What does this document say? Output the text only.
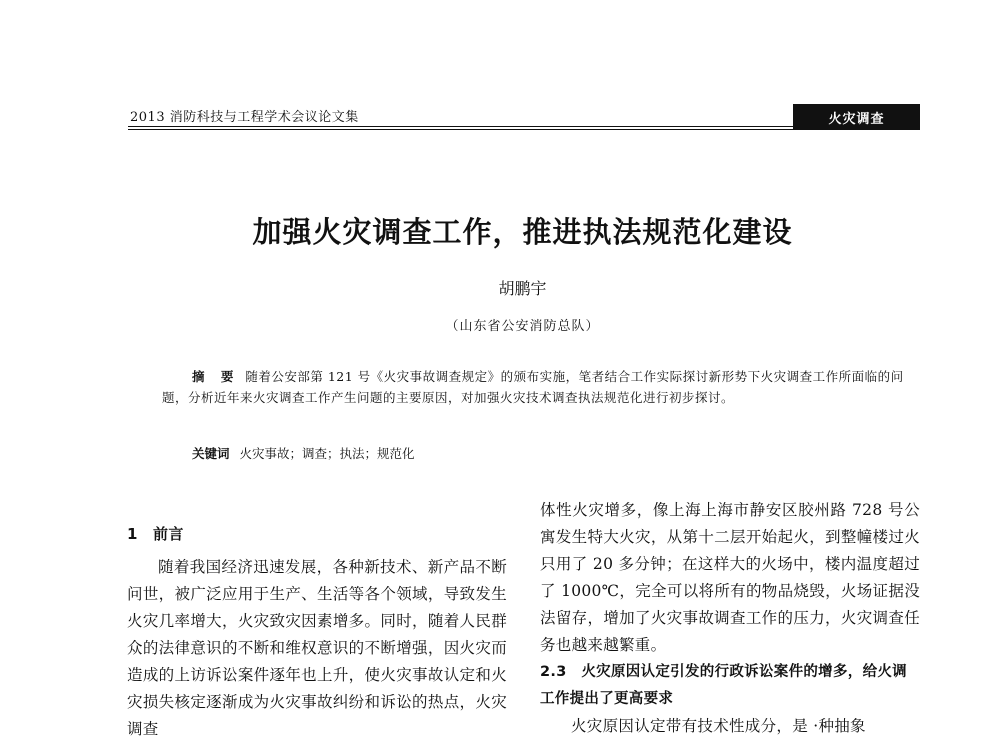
2013 消防科技与工程学术会议论文集	火灾调查
加强火灾调查工作，推进执法规范化建设
胡鹏宇
（山东省公安消防总队）

摘 要 随着公安部第 121 号《火灾事故调查规定》的颁布实施，笔者结合工作实际探讨新形势下火灾调查工作所面临的问题，分析近年来火灾调查工作产生问题的主要原因，对加强火灾技术调查执法规范化进行初步探讨。

关键词 火灾事故；调查；执法；规范化
1　前言

随着我国经济迅速发展，各种新技术、新产品不断问世，被广泛应用于生产、生活等各个领域，导致发生火灾几率增大，火灾致灾因素增多。同时，随着人民群众的法律意识的不断和维权意识的不断增强，因火灾而造成的上访诉讼案件逐年也上升，使火灾事故认定和火灾损失核定逐渐成为火灾事故纠纷和诉讼的热点，火灾调查

体性火灾增多，像上海上海市静安区胶州路 728 号公寓发生特大火灾，从第十二层开始起火，到整幢楼过火只用了 20 多分钟；在这样大的火场中，楼内温度超过了 1000℃，完全可以将所有的物品烧毁，火场证据没法留存，增加了火灾事故调查工作的压力，火灾调查任务也越来越繁重。

2.3　火灾原因认定引发的行政诉讼案件的增多，给火调工作提出了更高要求

火灾原因认定带有技术性成分，是 ·种抽象
